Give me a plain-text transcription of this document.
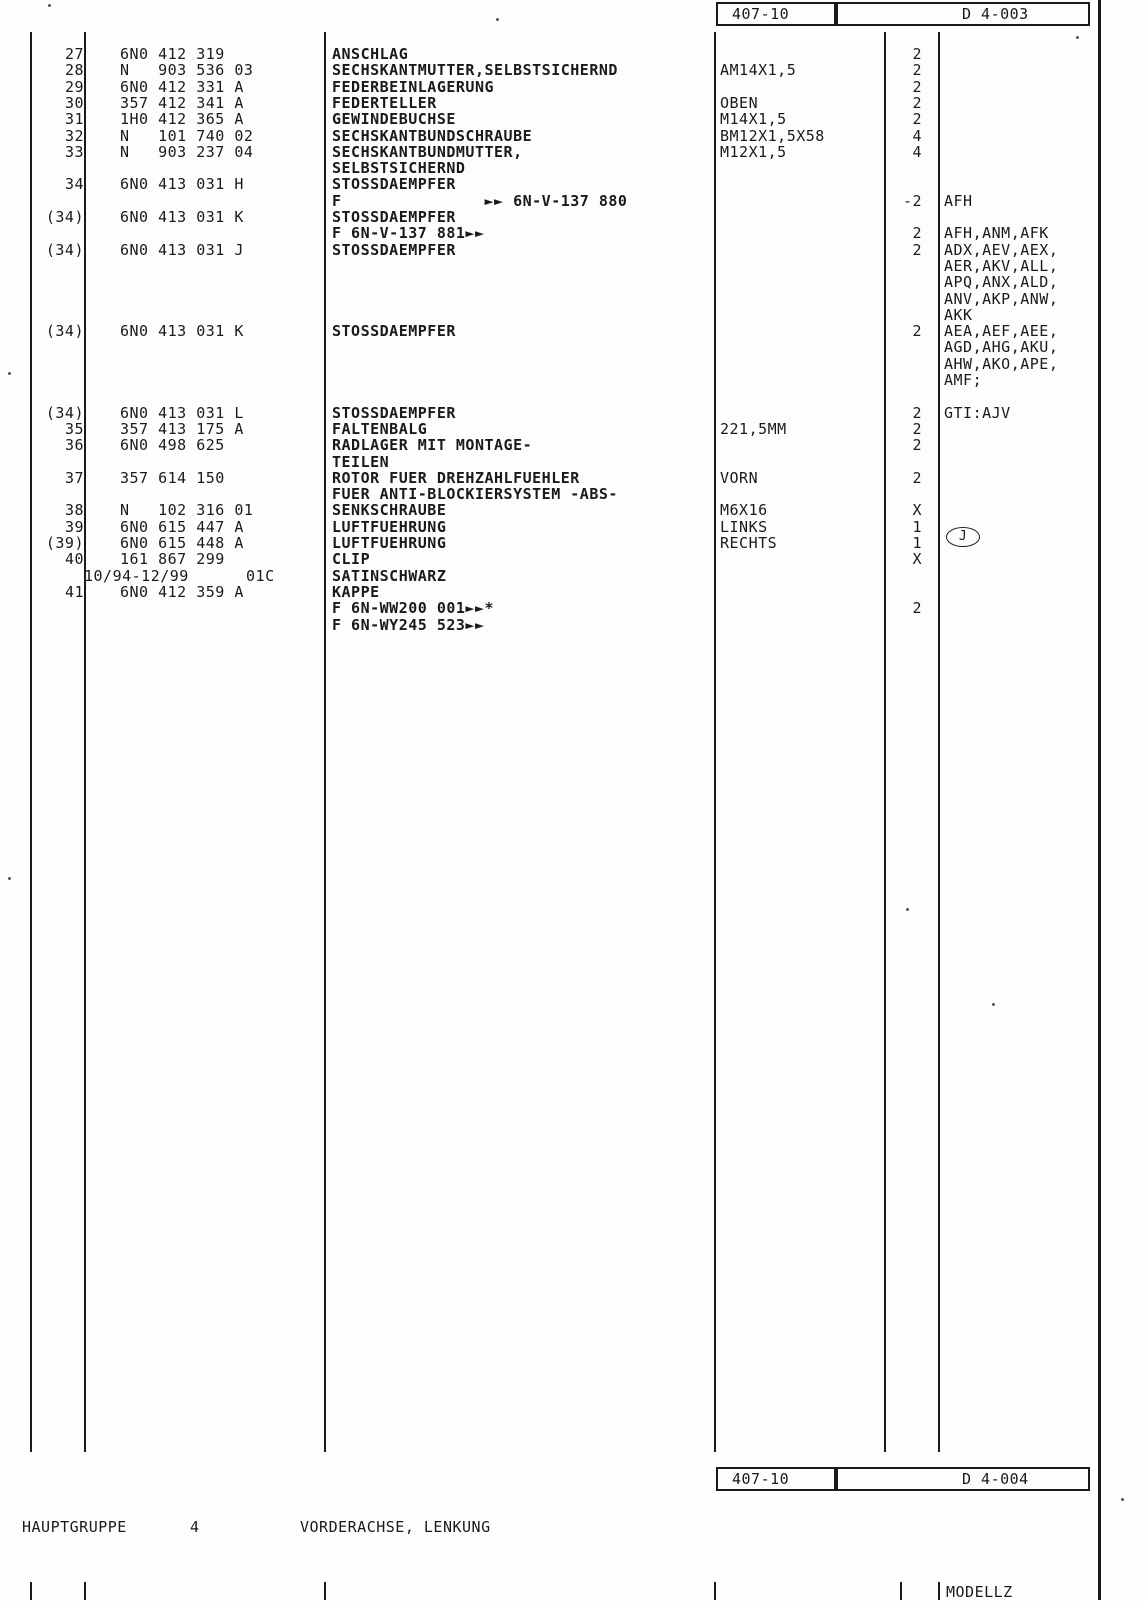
407-10	D 4-003
27 6N0 412 319	ANSCHLAG	2
28 N   903 536 03	SECHSKANTMUTTER,SELBSTSICHERND	AM14X1,5	2
29 6N0 412 331 A	FEDERBEINLAGERUNG	2
30 357 412 341 A	FEDERTELLER	OBEN	2
31 1H0 412 365 A	GEWINDEBUCHSE	M14X1,5	2
32 N   101 740 02	SECHSKANTBUNDSCHRAUBE	BM12X1,5X58	4
33 N   903 237 04	SECHSKANTBUNDMUTTER,	M12X1,5	4
SELBSTSICHERND
34 6N0 413 031 H	STOSSDAEMPFER
F               ►► 6N-V-137 880	-2 AFH
(34) 6N0 413 031 K	STOSSDAEMPFER
F 6N-V-137 881►►	2 AFH,ANM,AFK
(34) 6N0 413 031 J	STOSSDAEMPFER	2 ADX,AEV,AEX,
AER,AKV,ALL,
APQ,ANX,ALD,
ANV,AKP,ANW,
AKK
(34) 6N0 413 031 K	STOSSDAEMPFER	2 AEA,AEF,AEE,
AGD,AHG,AKU,
AHW,AKO,APE,
AMF;
(34) 6N0 413 031 L	STOSSDAEMPFER	2 GTI:AJV
35 357 413 175 A	FALTENBALG	221,5MM	2
36 6N0 498 625	RADLAGER MIT MONTAGE-	2
TEILEN
37 357 614 150	ROTOR FUER DREHZAHLFUEHLER	VORN	2
FUER ANTI-BLOCKIERSYSTEM -ABS-
38 N   102 316 01	SENKSCHRAUBE	M6X16	X
39 6N0 615 447 A	LUFTFUEHRUNG	LINKS	1
(39) 6N0 615 448 A	LUFTFUEHRUNG	RECHTS	1
40 161 867 299	CLIP	X
SATINSCHWARZ
10/94-12/99      01C
41 6N0 412 359 A	KAPPE
F 6N-WW200 001►►*	2
F 6N-WY245 523►►
J
407-10	D 4-004
HAUPTGRUPPE	4	VORDERACHSE, LENKUNG
MODELLZ
